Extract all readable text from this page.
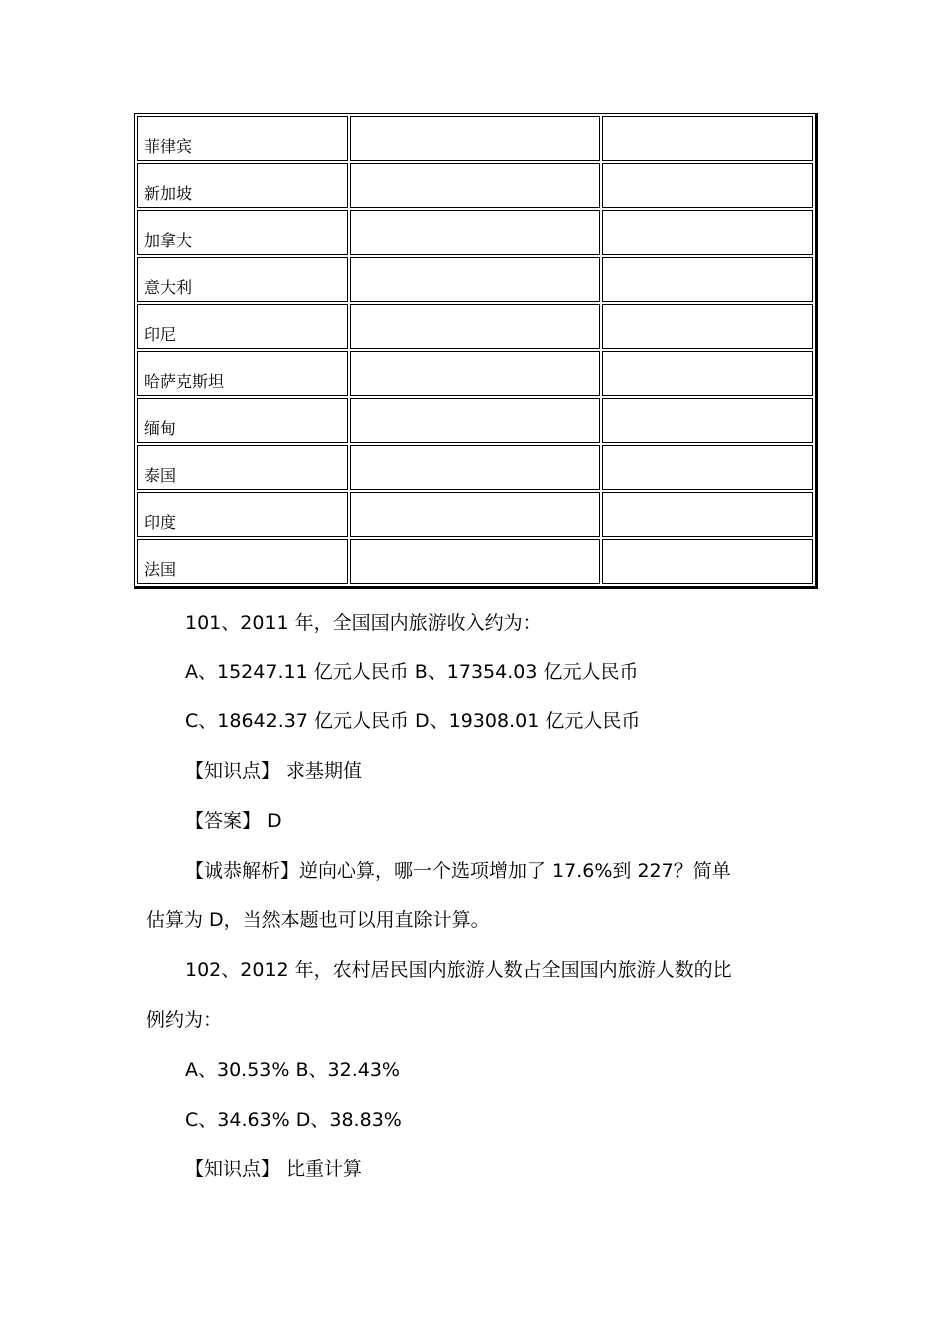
菲律宾		
新加坡		
加拿大		
意大利		
印尼		
哈萨克斯坦		
缅甸		
泰国		
印度		
法国		
101、2011 年，全国国内旅游收入约为：
A、15247.11 亿元人民币 B、17354.03 亿元人民币
C、18642.37 亿元人民币 D、19308.01 亿元人民币
【知识点】 求基期值
【答案】 D
【诚恭解析】逆向心算，哪一个选项增加了 17.6%到 227？简单
估算为 D，当然本题也可以用直除计算。
102、2012 年，农村居民国内旅游人数占全国国内旅游人数的比
例约为：
A、30.53% B、32.43%
C、34.63% D、38.83%
【知识点】 比重计算
